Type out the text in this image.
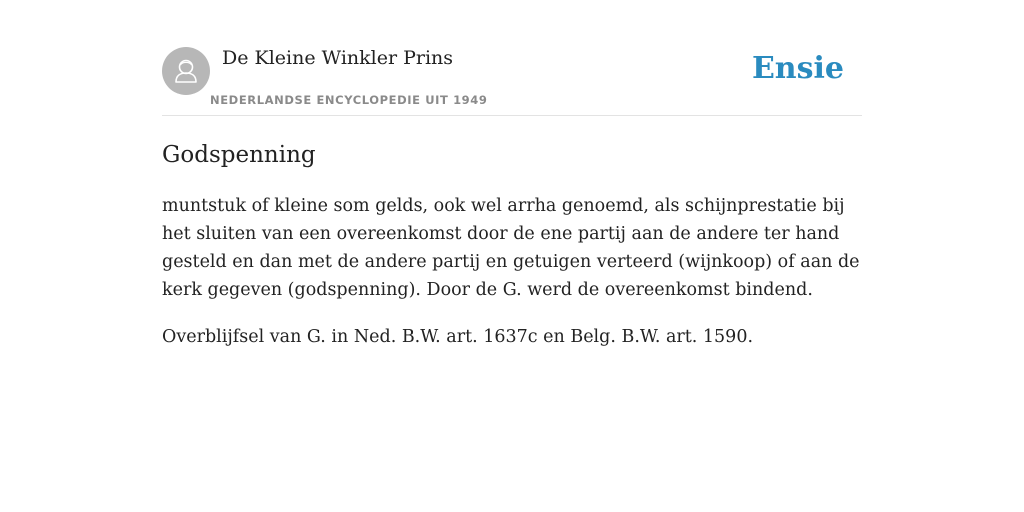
De Kleine Winkler Prins
NEDERLANDSE ENCYCLOPEDIE UIT 1949
Ensie
Godspenning

muntstuk of kleine som gelds, ook wel arrha genoemd, als schijnprestatie bij het sluiten van een overeenkomst door de ene partij aan de andere ter hand gesteld en dan met de andere partij en getuigen verteerd (wijnkoop) of aan de kerk gegeven (godspenning). Door de G. werd de overeenkomst bindend.

Overblijfsel van G. in Ned. B.W. art. 1637c en Belg. B.W. art. 1590.
